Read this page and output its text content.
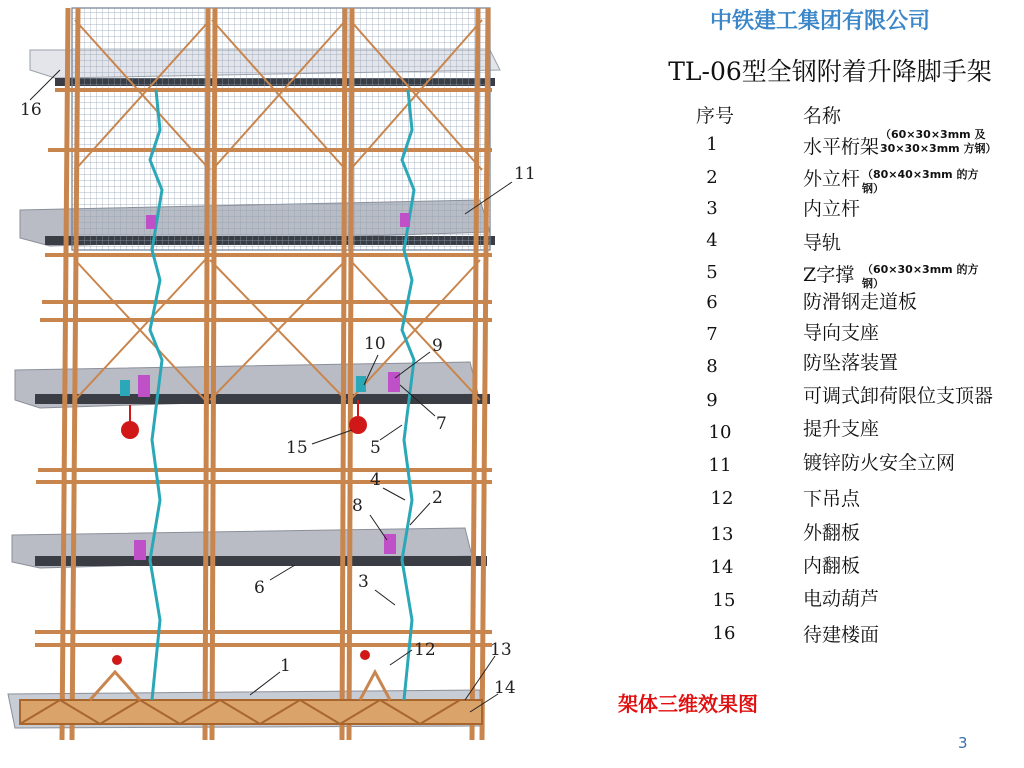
16
11
10	9
15	5
7
4
2
8
6	3
1
12	13
14
中铁建工集团有限公司
TL-06型全钢附着升降脚手架
序号	名称
1	水平桁架
（60×30×3mm 及
30×30×3mm 方钢）
2	外立杆 （80×40×3mm 的方
钢）
3	内立杆
4	导轨
5	Z字撑 （60×30×3mm 的方
钢）
6	防滑钢走道板
7	导向支座
8	防坠落装置
9	可调式卸荷限位支顶器
10	提升支座
11	镀锌防火安全立网
12	下吊点
13	外翻板
14	内翻板
15	电动葫芦
16	待建楼面
架体三维效果图
3
